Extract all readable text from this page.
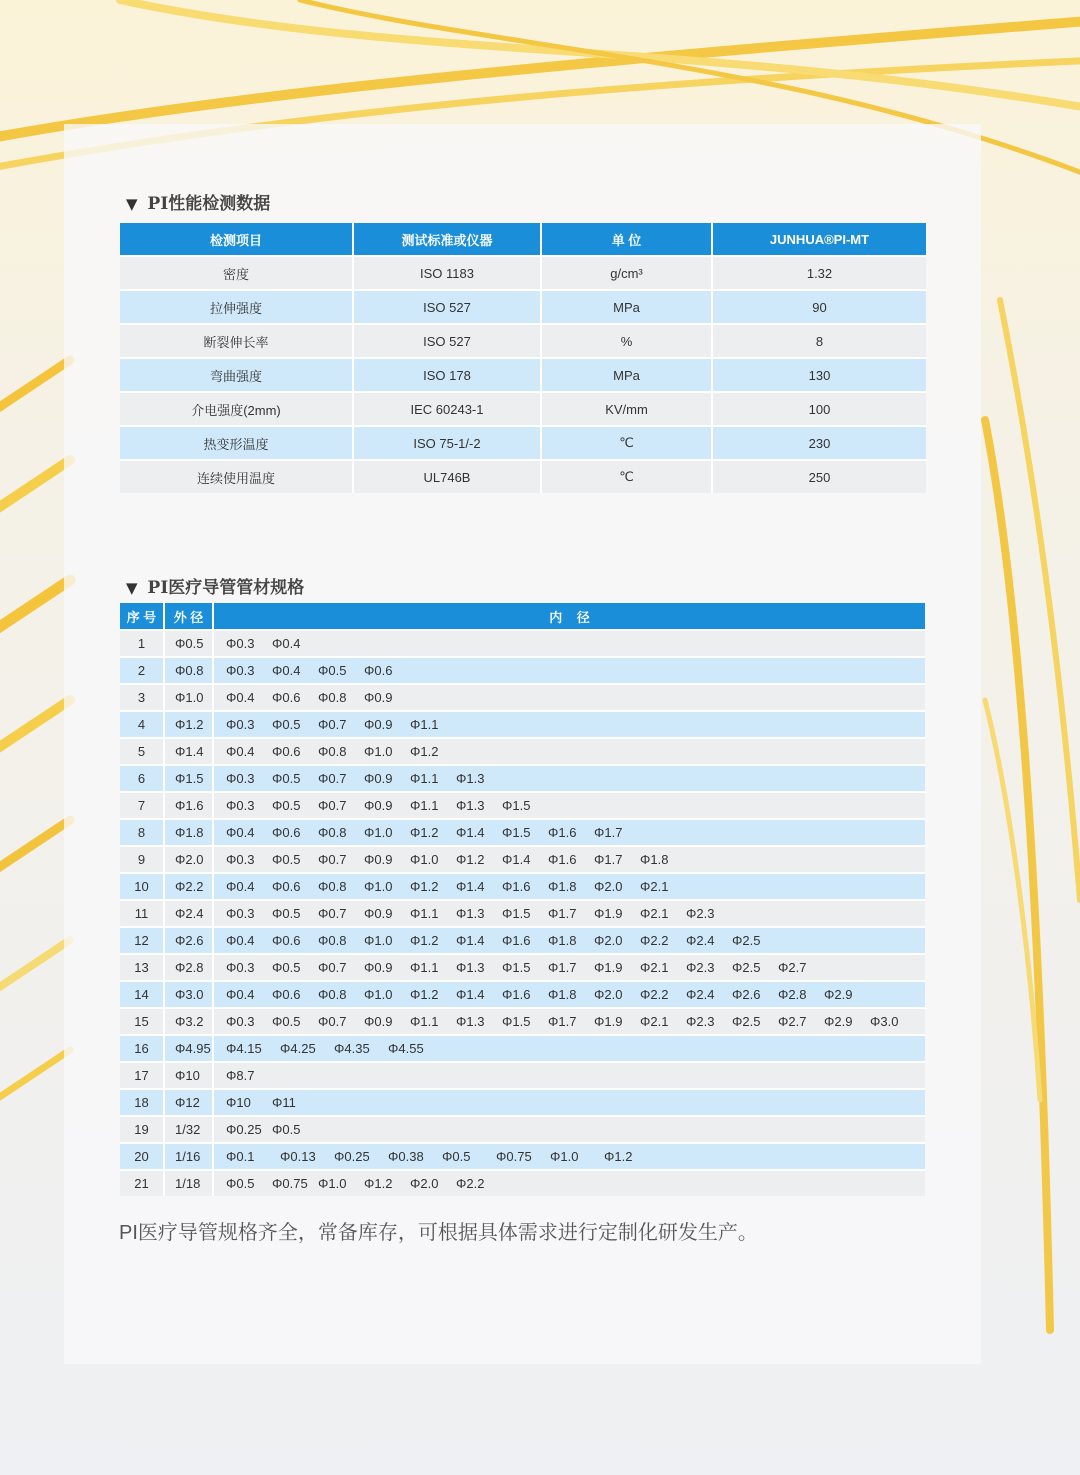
▼ PI性能检测数据
检测项目	测试标准或仪器	单 位	JUNHUA®PI-MT
密度	ISO 1183	g/cm³	1.32
拉伸强度	ISO 527	MPa	90
断裂伸长率	ISO 527	%	8
弯曲强度	ISO 178	MPa	130
介电强度(2mm)	IEC 60243-1	KV/mm	100
热变形温度	ISO 75-1/-2	℃	230
连续使用温度	UL746B	℃	250
▼ PI医疗导管管材规格
序 号	外 径	内    径
1	Φ0.5	Φ0.3 Φ0.4
2	Φ0.8	Φ0.3 Φ0.4 Φ0.5 Φ0.6
3	Φ1.0	Φ0.4 Φ0.6 Φ0.8 Φ0.9
4	Φ1.2	Φ0.3 Φ0.5 Φ0.7 Φ0.9 Φ1.1
5	Φ1.4	Φ0.4 Φ0.6 Φ0.8 Φ1.0 Φ1.2
6	Φ1.5	Φ0.3 Φ0.5 Φ0.7 Φ0.9 Φ1.1 Φ1.3
7	Φ1.6	Φ0.3 Φ0.5 Φ0.7 Φ0.9 Φ1.1 Φ1.3 Φ1.5
8	Φ1.8	Φ0.4 Φ0.6 Φ0.8 Φ1.0 Φ1.2 Φ1.4 Φ1.5 Φ1.6 Φ1.7
9	Φ2.0	Φ0.3 Φ0.5 Φ0.7 Φ0.9 Φ1.0 Φ1.2 Φ1.4 Φ1.6 Φ1.7 Φ1.8
10	Φ2.2	Φ0.4 Φ0.6 Φ0.8 Φ1.0 Φ1.2 Φ1.4 Φ1.6 Φ1.8 Φ2.0 Φ2.1
11	Φ2.4	Φ0.3 Φ0.5 Φ0.7 Φ0.9 Φ1.1 Φ1.3 Φ1.5 Φ1.7 Φ1.9 Φ2.1 Φ2.3
12	Φ2.6	Φ0.4 Φ0.6 Φ0.8 Φ1.0 Φ1.2 Φ1.4 Φ1.6 Φ1.8 Φ2.0 Φ2.2 Φ2.4 Φ2.5
13	Φ2.8	Φ0.3 Φ0.5 Φ0.7 Φ0.9 Φ1.1 Φ1.3 Φ1.5 Φ1.7 Φ1.9 Φ2.1 Φ2.3 Φ2.5 Φ2.7
14	Φ3.0	Φ0.4 Φ0.6 Φ0.8 Φ1.0 Φ1.2 Φ1.4 Φ1.6 Φ1.8 Φ2.0 Φ2.2 Φ2.4 Φ2.6 Φ2.8 Φ2.9
15	Φ3.2	Φ0.3 Φ0.5 Φ0.7 Φ0.9 Φ1.1 Φ1.3 Φ1.5 Φ1.7 Φ1.9 Φ2.1 Φ2.3 Φ2.5 Φ2.7 Φ2.9 Φ3.0
16	Φ4.95	Φ4.15 Φ4.25 Φ4.35 Φ4.55
17	Φ10	Φ8.7
18	Φ12	Φ10 Φ11
19	1/32	Φ0.25 Φ0.5
20	1/16	Φ0.1 Φ0.13 Φ0.25 Φ0.38 Φ0.5 Φ0.75 Φ1.0 Φ1.2
21	1/18	Φ0.5 Φ0.75 Φ1.0 Φ1.2 Φ2.0 Φ2.2
PI医疗导管规格齐全，常备库存，可根据具体需求进行定制化研发生产。
